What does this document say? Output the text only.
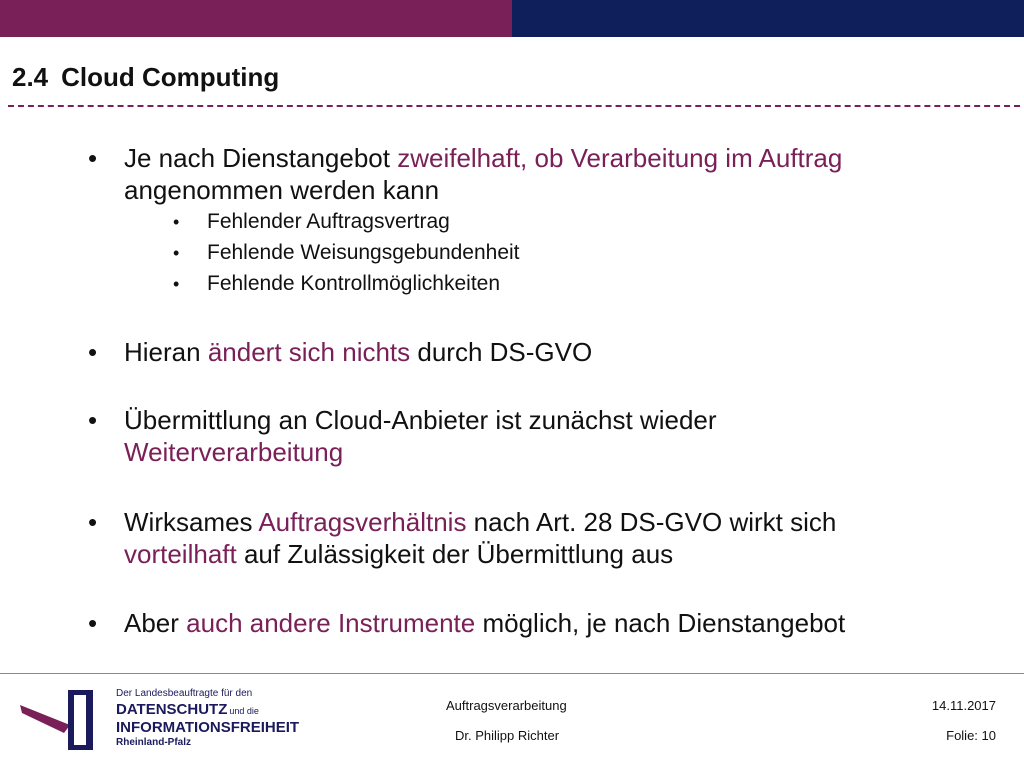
2.4 Cloud Computing
• Je nach Dienstangebot zweifelhaft, ob Verarbeitung im Auftrag
angenommen werden kann
• Fehlender Auftragsvertrag
• Fehlende Weisungsgebundenheit
• Fehlende Kontrollmöglichkeiten
• Hieran ändert sich nichts durch DS-GVO
• Übermittlung an Cloud-Anbieter ist zunächst wieder
Weiterverarbeitung
• Wirksames Auftragsverhältnis nach Art. 28 DS-GVO wirkt sich
vorteilhaft auf Zulässigkeit der Übermittlung aus
• Aber auch andere Instrumente möglich, je nach Dienstangebot
Der Landesbeauftragte für den
DATENSCHUTZ und die
INFORMATIONSFREIHEIT
Rheinland-Pfalz
Auftragsverarbeitung
Dr. Philipp Richter
14.11.2017
Folie: 10
